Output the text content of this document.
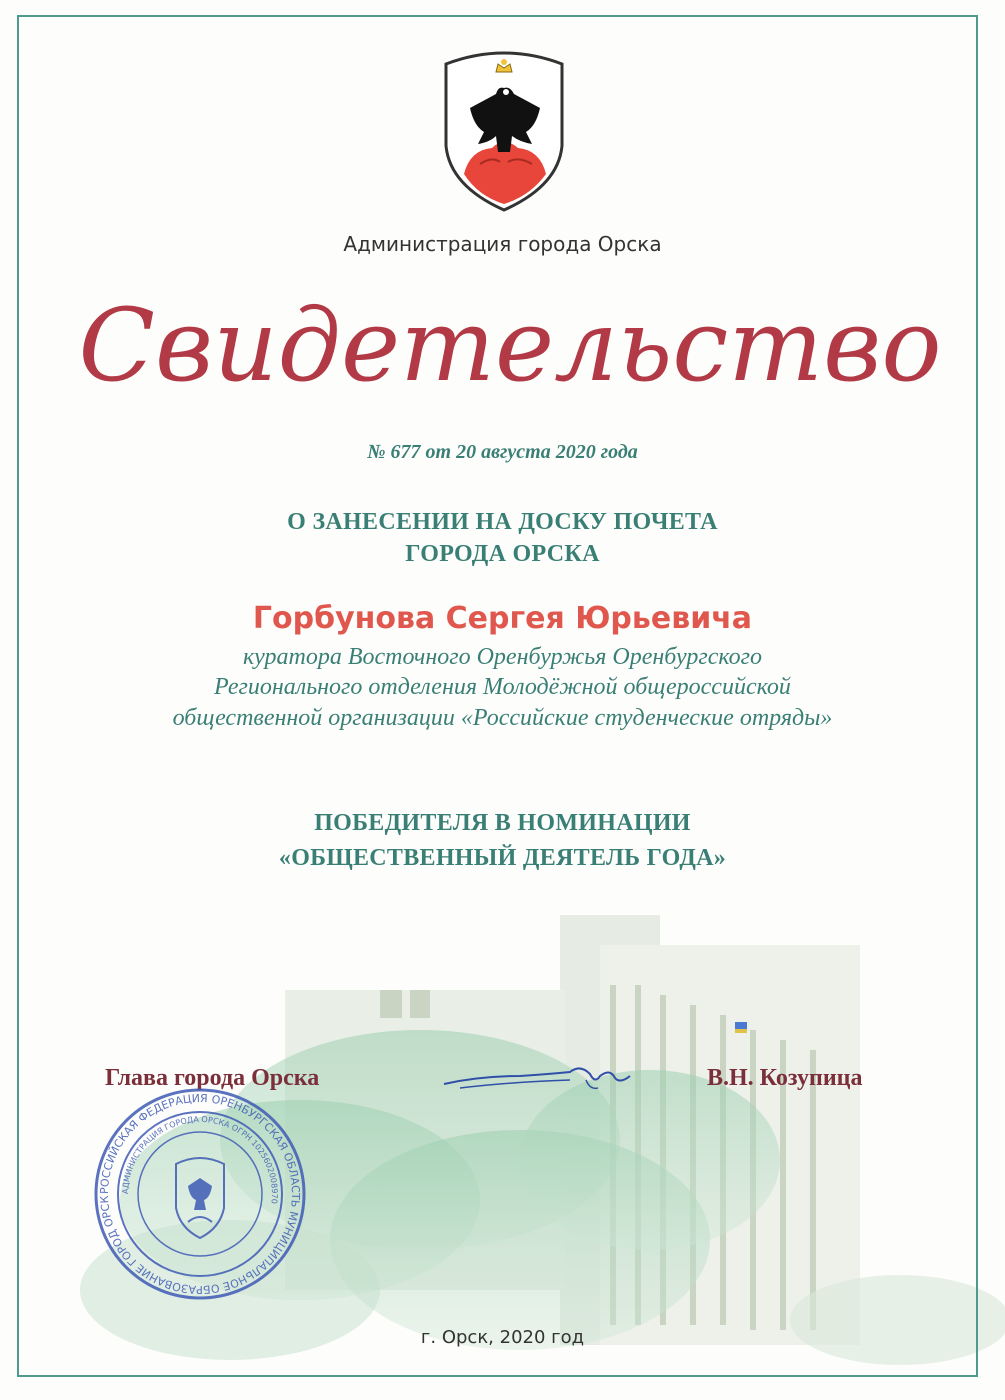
Администрация города Орска
Свидетельство
№ 677 от 20 августа 2020 года
О ЗАНЕСЕНИИ НА ДОСКУ ПОЧЕТА
ГОРОДА ОРСКА
Горбунова Сергея Юрьевича
куратора Восточного Оренбуржья Оренбургского
Регионального отделения Молодёжной общероссийской
общественной организации «Российские студенческие отряды»
ПОБЕДИТЕЛЯ В НОМИНАЦИИ
«ОБЩЕСТВЕННЫЙ ДЕЯТЕЛЬ ГОДА»
Глава города Орска	В.Н. Козупица
РОССИЙСКАЯ ФЕДЕРАЦИЯ ОРЕНБУРГСКАЯ ОБЛАСТЬ МУНИЦИПАЛЬНОЕ ОБРАЗОВАНИЕ ГОРОД ОРСК
АДМИНИСТРАЦИЯ ГОРОДА ОРСКА ОГРН 1025602008970
г. Орск, 2020 год
